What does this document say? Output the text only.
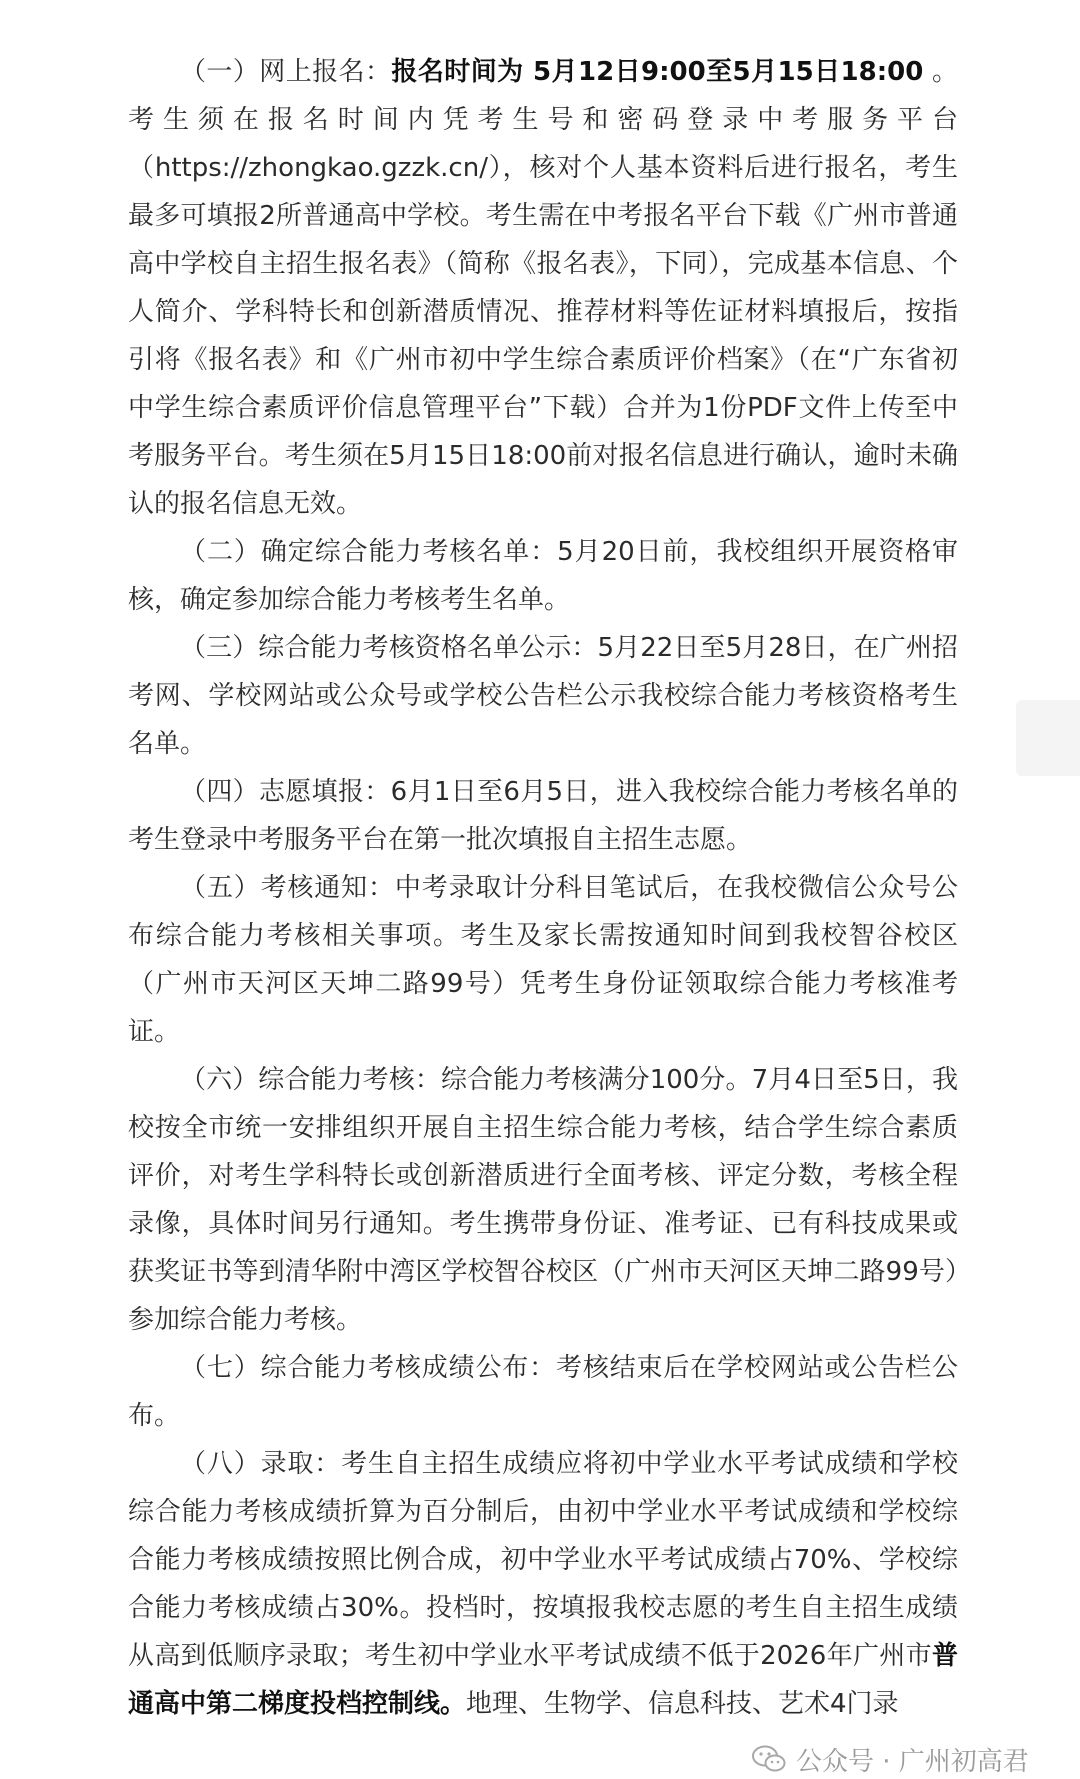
（一）网上报名：报名时间为 5月12日9:00至5月15日18:00 。考生须在报名时间内凭考生号和密码登录中考服务平台（https://zhongkao.gzzk.cn/），核对个人基本资料后进行报名，考生最多可填报2所普通高中学校。考生需在中考报名平台下载《广州市普通高中学校自主招生报名表》（简称《报名表》，下同），完成基本信息、个人简介、学科特长和创新潜质情况、推荐材料等佐证材料填报后，按指引将《报名表》和《广州市初中学生综合素质评价档案》（在“广东省初中学生综合素质评价信息管理平台”下载）合并为1份PDF文件上传至中考服务平台。考生须在5月15日18:00前对报名信息进行确认，逾时未确认的报名信息无效。

（二）确定综合能力考核名单：5月20日前，我校组织开展资格审核，确定参加综合能力考核考生名单。

（三）综合能力考核资格名单公示：5月22日至5月28日，在广州招考网、学校网站或公众号或学校公告栏公示我校综合能力考核资格考生名单。

（四）志愿填报：6月1日至6月5日，进入我校综合能力考核名单的考生登录中考服务平台在第一批次填报自主招生志愿。

（五）考核通知：中考录取计分科目笔试后，在我校微信公众号公布综合能力考核相关事项。考生及家长需按通知时间到我校智谷校区（广州市天河区天坤二路99号）凭考生身份证领取综合能力考核准考证。

（六）综合能力考核：综合能力考核满分100分。7月4日至5日，我校按全市统一安排组织开展自主招生综合能力考核，结合学生综合素质评价，对考生学科特长或创新潜质进行全面考核、评定分数，考核全程录像，具体时间另行通知。考生携带身份证、准考证、已有科技成果或获奖证书等到清华附中湾区学校智谷校区（广州市天河区天坤二路99号）参加综合能力考核。

（七）综合能力考核成绩公布：考核结束后在学校网站或公告栏公布。

（八）录取：考生自主招生成绩应将初中学业水平考试成绩和学校综合能力考核成绩折算为百分制后，由初中学业水平考试成绩和学校综合能力考核成绩按照比例合成，初中学业水平考试成绩占70%、学校综合能力考核成绩占30%。投档时，按填报我校志愿的考生自主招生成绩从高到低顺序录取；考生初中学业水平考试成绩不低于2026年广州市普通高中第二梯度投档控制线。地理、生物学、信息科技、艺术4门录

公众号 · 广州初高君
